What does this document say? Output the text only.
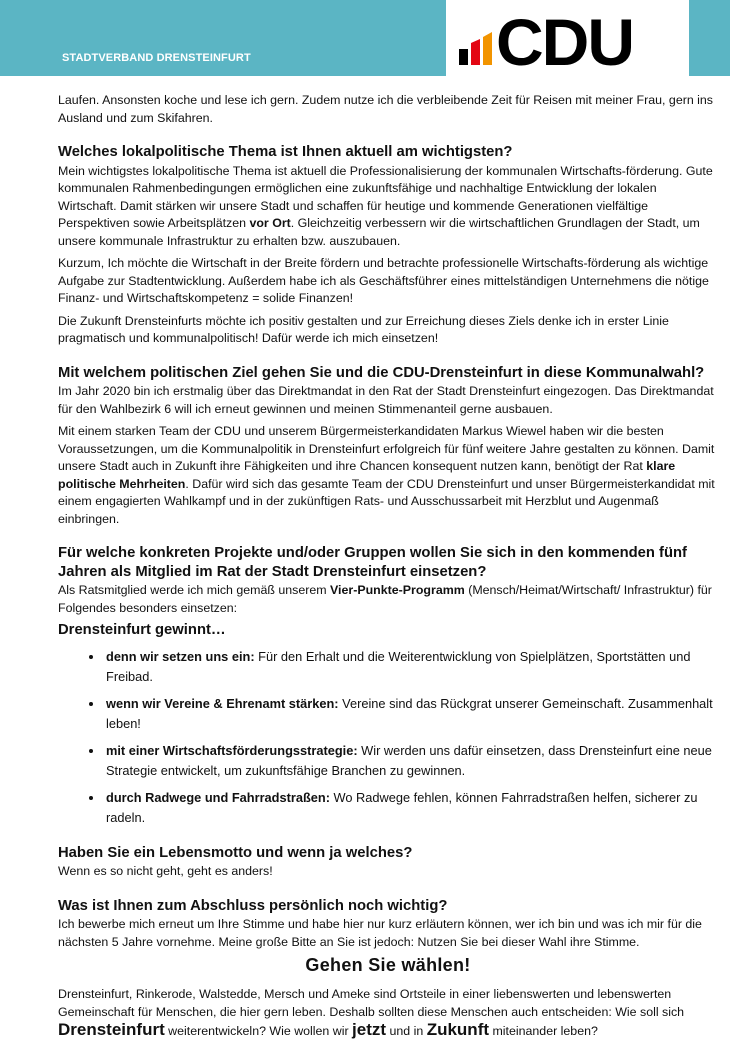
STADTVERBAND DRENSTEINFURT	CDU

Laufen. Ansonsten koche und lese ich gern. Zudem nutze ich die verbleibende Zeit für Reisen mit meiner Frau, gern ins Ausland und zum Skifahren.

Welches lokalpolitische Thema ist Ihnen aktuell am wichtigsten?

Mein wichtigstes lokalpolitische Thema ist aktuell die Professionalisierung der kommunalen Wirtschafts-förderung. Gute kommunalen Rahmenbedingungen ermöglichen eine zukunftsfähige und nachhaltige Entwicklung der lokalen Wirtschaft. Damit stärken wir unsere Stadt und schaffen für heutige und kommende Generationen vielfältige Perspektiven sowie Arbeitsplätzen vor Ort. Gleichzeitig verbessern wir die wirtschaftlichen Grundlagen der Stadt, um unsere kommunale Infrastruktur zu erhalten bzw. auszubauen.

Kurzum, Ich möchte die Wirtschaft in der Breite fördern und betrachte professionelle Wirtschafts-förderung als wichtige Aufgabe zur Stadtentwicklung. Außerdem habe ich als Geschäftsführer eines mittelständigen Unternehmens die nötige Finanz- und Wirtschaftskompetenz = solide Finanzen!

Die Zukunft Drensteinfurts möchte ich positiv gestalten und zur Erreichung dieses Ziels denke ich in erster Linie pragmatisch und kommunalpolitisch! Dafür werde ich mich einsetzen!

Mit welchem politischen Ziel gehen Sie und die CDU-Drensteinfurt in diese Kommunalwahl?

Im Jahr 2020 bin ich erstmalig über das Direktmandat in den Rat der Stadt Drensteinfurt eingezogen. Das Direktmandat für den Wahlbezirk 6 will ich erneut gewinnen und meinen Stimmenanteil gerne ausbauen.

Mit einem starken Team der CDU und unserem Bürgermeisterkandidaten Markus Wiewel haben wir die besten Voraussetzungen, um die Kommunalpolitik in Drensteinfurt erfolgreich für fünf weitere Jahre gestalten zu können. Damit unsere Stadt auch in Zukunft ihre Fähigkeiten und ihre Chancen konsequent nutzen kann, benötigt der Rat klare politische Mehrheiten. Dafür wird sich das gesamte Team der CDU Drensteinfurt und unser Bürgermeisterkandidat mit einem engagierten Wahlkampf und in der zukünftigen Rats- und Ausschussarbeit mit Herzblut und Augenmaß einbringen.

Für welche konkreten Projekte und/oder Gruppen wollen Sie sich in den kommenden fünf Jahren als Mitglied im Rat der Stadt Drensteinfurt einsetzen?

Als Ratsmitglied werde ich mich gemäß unserem Vier-Punkte-Programm (Mensch/Heimat/Wirtschaft/ Infrastruktur) für Folgendes besonders einsetzen:

Drensteinfurt gewinnt…
• denn wir setzen uns ein: Für den Erhalt und die Weiterentwicklung von Spielplätzen, Sportstätten und Freibad.
• wenn wir Vereine & Ehrenamt stärken: Vereine sind das Rückgrat unserer Gemeinschaft. Zusammenhalt leben!
• mit einer Wirtschaftsförderungsstrategie: Wir werden uns dafür einsetzen, dass Drensteinfurt eine neue Strategie entwickelt, um zukunftsfähige Branchen zu gewinnen.
• durch Radwege und Fahrradstraßen: Wo Radwege fehlen, können Fahrradstraßen helfen, sicherer zu radeln.
Haben Sie ein Lebensmotto und wenn ja welches?

Wenn es so nicht geht, geht es anders!

Was ist Ihnen zum Abschluss persönlich noch wichtig?

Ich bewerbe mich erneut um Ihre Stimme und habe hier nur kurz erläutern können, wer ich bin und was ich mir für die nächsten 5 Jahre vornehme. Meine große Bitte an Sie ist jedoch: Nutzen Sie bei dieser Wahl ihre Stimme.

Gehen Sie wählen!

Drensteinfurt, Rinkerode, Walstedde, Mersch und Ameke sind Ortsteile in einer liebenswerten und lebenswerten Gemeinschaft für Menschen, die hier gern leben. Deshalb sollten diese Menschen auch entscheiden: Wie soll sich Drensteinfurt weiterentwickeln? Wie wollen wir jetzt und in Zukunft miteinander leben?
